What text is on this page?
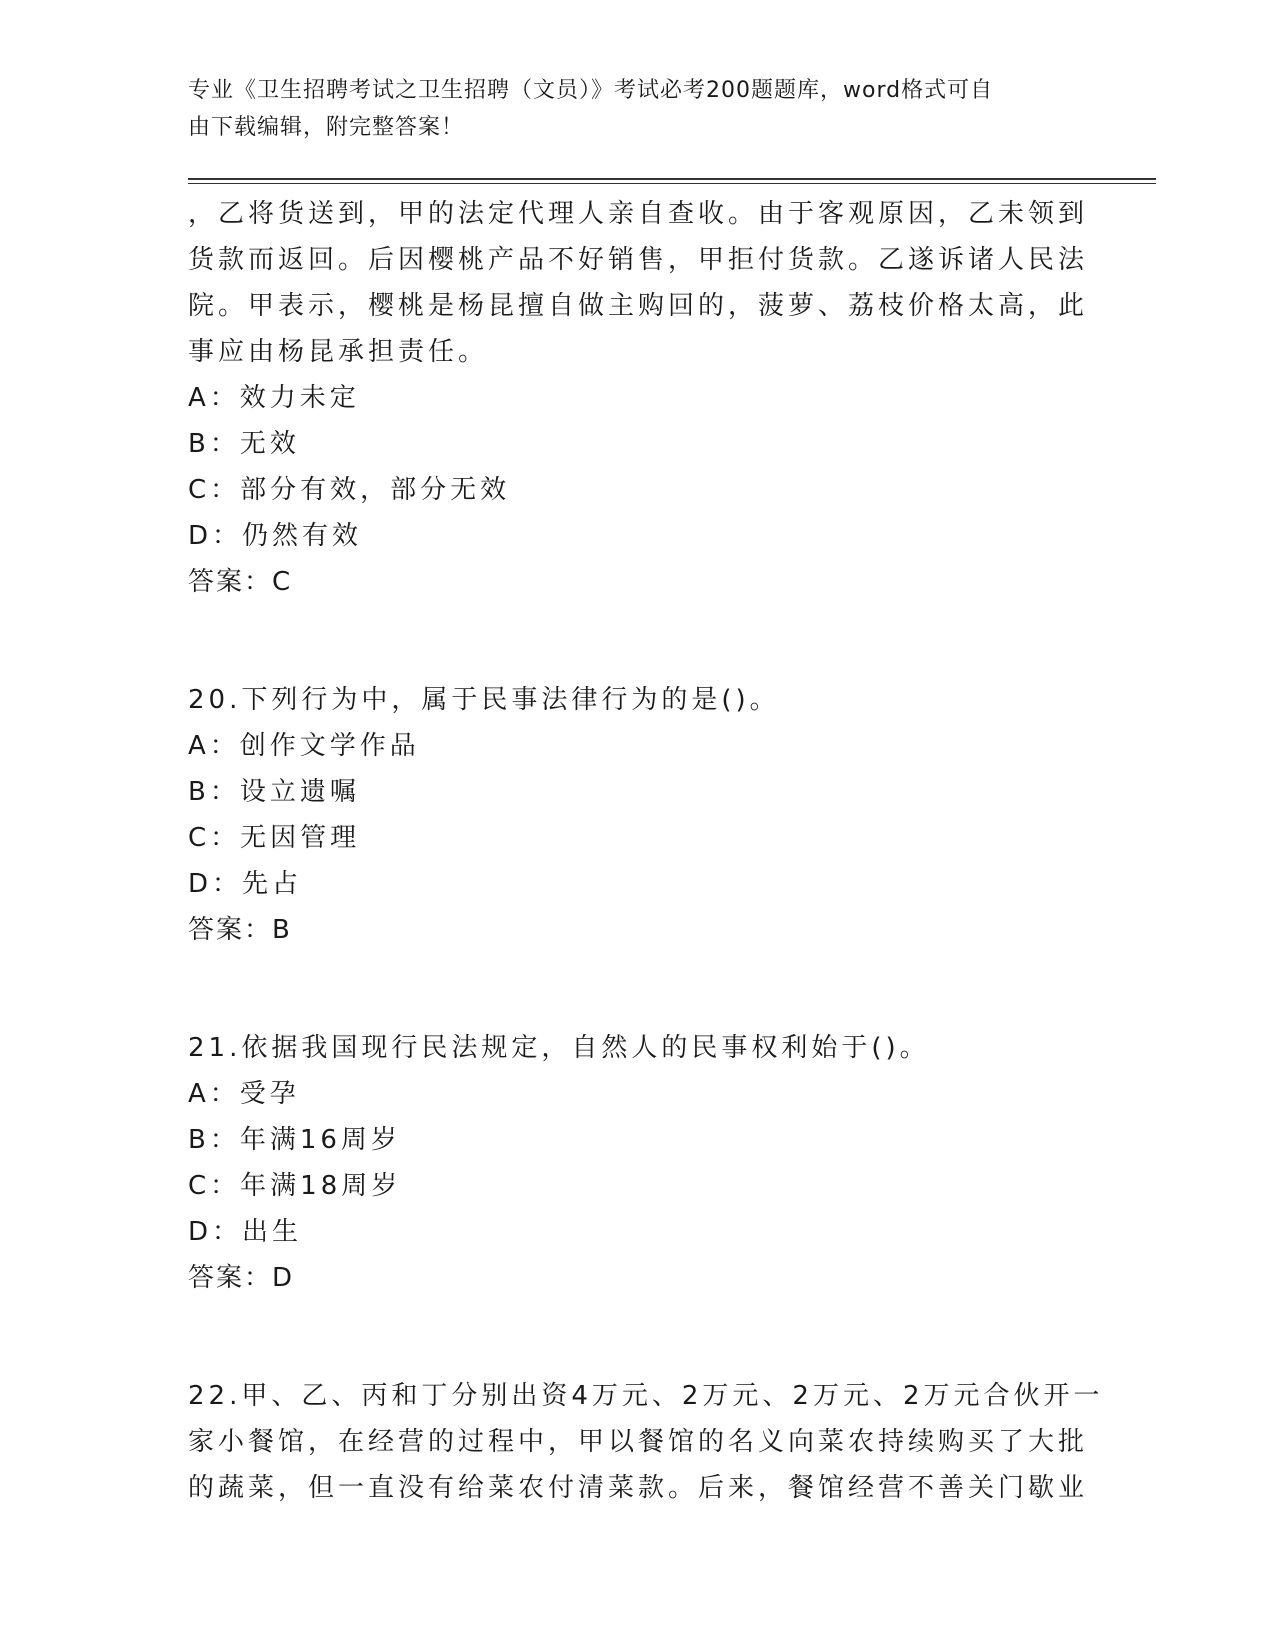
专业《卫生招聘考试之卫生招聘（文员）》考试必考200题题库，word格式可自
由下载编辑，附完整答案！
，乙将货送到，甲的法定代理人亲自查收。由于客观原因，乙未领到
货款而返回。后因樱桃产品不好销售，甲拒付货款。乙遂诉诸人民法
院。甲表示，樱桃是杨昆擅自做主购回的，菠萝、荔枝价格太高，此
事应由杨昆承担责任。
A：效力未定
B：无效
C：部分有效，部分无效
D：仍然有效
答案：C
20.下列行为中，属于民事法律行为的是()。
A：创作文学作品
B：设立遗嘱
C：无因管理
D：先占
答案：B
21.依据我国现行民法规定，自然人的民事权利始于()。
A：受孕
B：年满16周岁
C：年满18周岁
D：出生
答案：D
22.甲、乙、丙和丁分别出资4万元、2万元、2万元、2万元合伙开一
家小餐馆，在经营的过程中，甲以餐馆的名义向菜农持续购买了大批
的蔬菜，但一直没有给菜农付清菜款。后来，餐馆经营不善关门歇业
